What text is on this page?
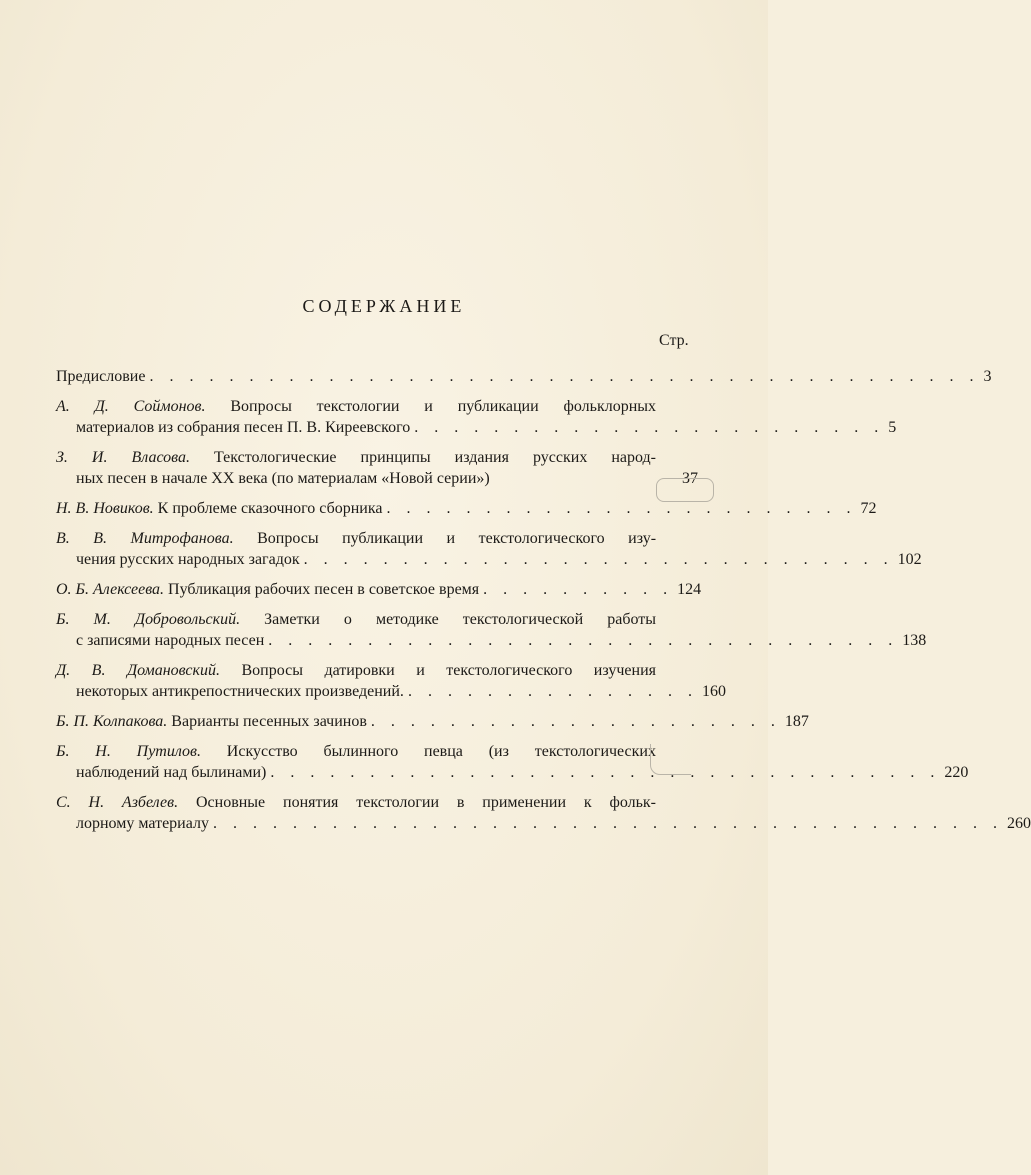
СОДЕРЖАНИЕ
Стр.
Предисловие . . . . . . . . . . . . . . . . . . . . . . . . . . . . . . . . . . . . . . . . . . 3
А. Д. Соймонов. Вопросы текстологии и публикации фольклорных
материалов из собрания песен П. В. Киреевского . . . . . . . . . . . . . . . . . . . . . . . . 5
З. И. Власова. Текстологические принципы издания русских народ-
ных песен в начале XX века (по материалам «Новой серии»)	37
Н. В. Новиков. К проблеме сказочного сборника . . . . . . . . . . . . . . . . . . . . . . . . 72
В. В. Митрофанова. Вопросы публикации и текстологического изу-
чения русских народных загадок . . . . . . . . . . . . . . . . . . . . . . . . . . . . . . 102
О. Б. Алексеева. Публикация рабочих песен в советское время . . . . . . . . . . 124
Б. М. Добровольский. Заметки о методике текстологической работы
с записями народных песен . . . . . . . . . . . . . . . . . . . . . . . . . . . . . . . . 138
Д. В. Домановский. Вопросы датировки и текстологического изучения
некоторых антикрепостнических произведений. . . . . . . . . . . . . . . . 160
Б. П. Колпакова. Варианты песенных зачинов . . . . . . . . . . . . . . . . . . . . . 187
Б. Н. Путилов. Искусство былинного певца (из текстологических
наблюдений над былинами) . . . . . . . . . . . . . . . . . . . . . . . . . . . . . . . . . . 220
С. Н. Азбелев. Основные понятия текстологии в применении к фольк-
лорному материалу . . . . . . . . . . . . . . . . . . . . . . . . . . . . . . . . . . . . . . . . 260
